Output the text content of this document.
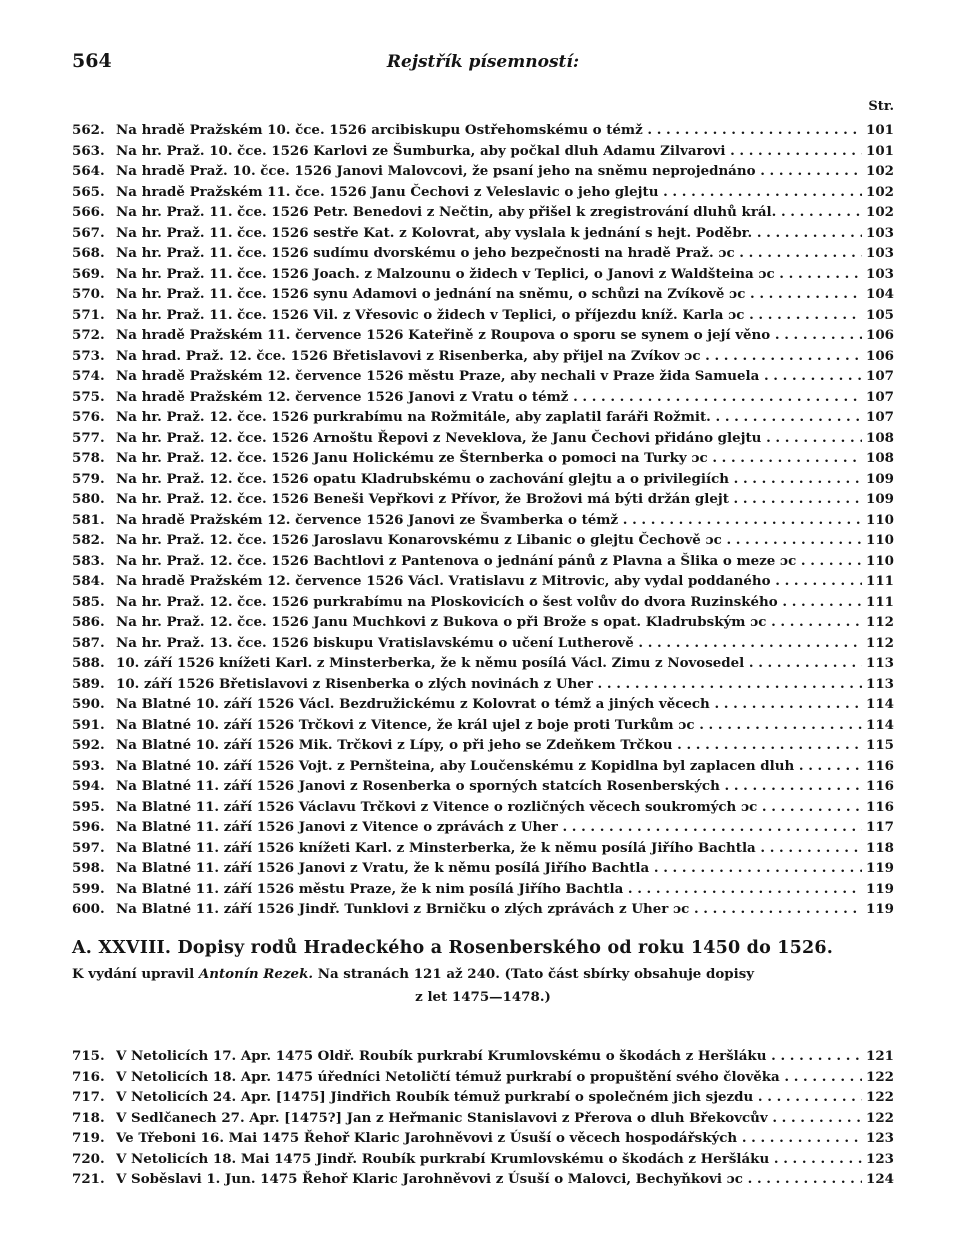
564	Rejstřík písemností:
Str.
562. Na hradě Pražském 10. čce. 1526 arcibiskupu Ostřehomskému o témž . . .	101
563. Na hr. Praž. 10. čce. 1526 Karlovi ze Šumburka, aby počkal dluh Adamu Zilvarovi . . .	101
564. Na hradě Praž. 10. čce. 1526 Janovi Malovcovi, že psaní jeho na sněmu neprojednáno . . .	102
565. Na hradě Pražském 11. čce. 1526 Janu Čechovi z Veleslavic o jeho glejtu . . .	102
566. Na hr. Praž. 11. čce. 1526 Petr. Benedovi z Nečtin, aby přišel k zregistrování dluhů král. . . .	102
567. Na hr. Praž. 11. čce. 1526 sestře Kat. z Kolovrat, aby vyslala k jednání s hejt. Poděbr. . . .	103
568. Na hr. Praž. 11. čce. 1526 sudímu dvorskému o jeho bezpečnosti na hradě Praž. ɔc . . .	103
569. Na hr. Praž. 11. čce. 1526 Joach. z Malzounu o židech v Teplici, o Janovi z Waldšteina ɔc . . .	103
570. Na hr. Praž. 11. čce. 1526 synu Adamovi o jednání na sněmu, o schůzi na Zvíkově ɔc . . .	104
571. Na hr. Praž. 11. čce. 1526 Vil. z Vřesovic o židech v Teplici, o příjezdu kníž. Karla ɔc . . .	105
572. Na hradě Pražském 11. července 1526 Kateřině z Roupova o sporu se synem o její věno . . .	106
573. Na hrad. Praž. 12. čce. 1526 Břetislavovi z Risenberka, aby přijel na Zvíkov ɔc . . .	106
574. Na hradě Pražském 12. července 1526 městu Praze, aby nechali v Praze žida Samuela . . .	107
575. Na hradě Pražském 12. července 1526 Janovi z Vratu o témž . . .	107
576. Na hr. Praž. 12. čce. 1526 purkrabímu na Rožmitále, aby zaplatil faráři Rožmit. . . .	107
577. Na hr. Praž. 12. čce. 1526 Arnoštu Řepovi z Neveklova, že Janu Čechovi přidáno glejtu . . .	108
578. Na hr. Praž. 12. čce. 1526 Janu Holickému ze Šternberka o pomoci na Turky ɔc . . .	108
579. Na hr. Praž. 12. čce. 1526 opatu Kladrubskému o zachování glejtu a o privilegiích . . .	109
580. Na hr. Praž. 12. čce. 1526 Beneši Vepřkovi z Přívor, že Brožovi má býti držán glejt . . .	109
581. Na hradě Pražském 12. července 1526 Janovi ze Švamberka o témž . . .	110
582. Na hr. Praž. 12. čce. 1526 Jaroslavu Konarovskému z Libanic o glejtu Čechově ɔc . . .	110
583. Na hr. Praž. 12. čce. 1526 Bachtlovi z Pantenova o jednání pánů z Plavna a Šlika o meze ɔc . . .	110
584. Na hradě Pražském 12. července 1526 Václ. Vratislavu z Mitrovic, aby vydal poddaného . . .	111
585. Na hr. Praž. 12. čce. 1526 purkrabímu na Ploskovicích o šest volův do dvora Ruzinského . . .	111
586. Na hr. Praž. 12. čce. 1526 Janu Muchkovi z Bukova o při Brože s opat. Kladrubským ɔc . . .	112
587. Na hr. Praž. 13. čce. 1526 biskupu Vratislavskému o učení Lutherově . . .	112
588. 10. září 1526 knížeti Karl. z Minsterberka, že k němu posílá Václ. Zimu z Novosedel . . .	113
589. 10. září 1526 Břetislavovi z Risenberka o zlých novinách z Uher . . .	113
590. Na Blatné 10. září 1526 Václ. Bezdružickému z Kolovrat o témž a jiných věcech . . .	114
591. Na Blatné 10. září 1526 Trčkovi z Vitence, že král ujel z boje proti Turkům ɔc . . .	114
592. Na Blatné 10. září 1526 Mik. Trčkovi z Lípy, o při jeho se Zdeňkem Trčkou . . .	115
593. Na Blatné 10. září 1526 Vojt. z Pernšteina, aby Loučenskému z Kopidlna byl zaplacen dluh . . .	116
594. Na Blatné 11. září 1526 Janovi z Rosenberka o sporných statcích Rosenberských . . .	116
595. Na Blatné 11. září 1526 Václavu Trčkovi z Vitence o rozličných věcech soukromých ɔc . . .	116
596. Na Blatné 11. září 1526 Janovi z Vitence o zprávách z Uher . . .	117
597. Na Blatné 11. září 1526 knížeti Karl. z Minsterberka, že k němu posílá Jiřího Bachtla . . .	118
598. Na Blatné 11. září 1526 Janovi z Vratu, že k němu posílá Jiřího Bachtla . . .	119
599. Na Blatné 11. září 1526 městu Praze, že k nim posílá Jiřího Bachtla . . .	119
600. Na Blatné 11. září 1526 Jindř. Tunklovi z Brničku o zlých zprávách z Uher ɔc . . .	119
A. XXVIII. Dopisy rodů Hradeckého a Rosenberského od roku 1450 do 1526.
K vydání upravil Antonín Rezek. Na stranách 121 až 240. (Tato část sbírky obsahuje dopisy
z let 1475—1478.)
715. V Netolicích 17. Apr. 1475 Oldř. Roubík purkrabí Krumlovskému o škodách z Heršláku . . .	121
716. V Netolicích 18. Apr. 1475 úředníci Netoličtí témuž purkrabí o propuštění svého člověka . . .	122
717. V Netolicích 24. Apr. [1475] Jindřich Roubík témuž purkrabí o společném jich sjezdu . . .	122
718. V Sedlčanech 27. Apr. [1475?] Jan z Heřmanic Stanislavovi z Přerova o dluh Břekovcův . . .	122
719. Ve Třeboni 16. Mai 1475 Řehoř Klaric Jarohněvovi z Úsuší o věcech hospodářských . . .	123
720. V Netolicích 18. Mai 1475 Jindř. Roubík purkrabí Krumlovskému o škodách z Heršláku . . .	123
721. V Soběslavi 1. Jun. 1475 Řehoř Klaric Jarohněvovi z Úsuší o Malovci, Bechyňkovi ɔc . . .	124
